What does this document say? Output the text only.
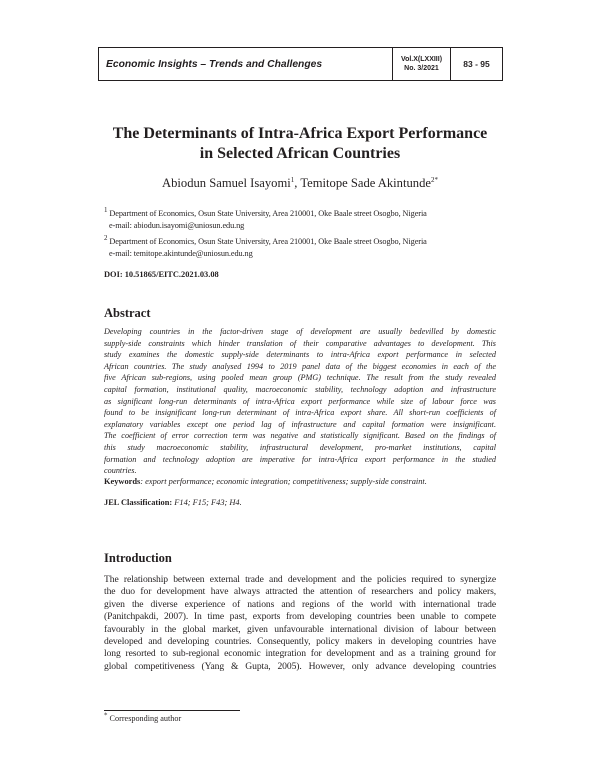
Economic Insights – Trends and Challenges	Vol.X(LXXIII)
No. 3/2021	83 - 95
The Determinants of Intra-Africa Export Performance
in Selected African Countries
Abiodun Samuel Isayomi$^1$, Temitope Sade Akintunde$^{2*}$
$^1$ Department of Economics, Osun State University, Area 210001, Oke Baale street Osogbo, Nigeria
e-mail: abiodun.isayomi@uniosun.edu.ng
$^2$ Department of Economics, Osun State University, Area 210001, Oke Baale street Osogbo, Nigeria
e-mail: temitope.akintunde@uniosun.edu.ng
DOI: 10.51865/EITC.2021.03.08
Abstract
Developing countries in the factor-driven stage of development are usually bedevilled by domestic
supply-side constraints which hinder translation of their comparative advantages to development. This
study examines the domestic supply-side determinants to intra-Africa export performance in selected
African countries. The study analysed 1994 to 2019 panel data of the biggest economies in each of the
five African sub-regions, using pooled mean group (PMG) technique. The result from the study revealed
capital formation, institutional quality, macroeconomic stability, technology adoption and infrastructure
as significant long-run determinants of intra-Africa export performance while size of labour force was
found to be insignificant long-run determinant of intra-Africa export share. All short-run coefficients of
explanatory variables except one period lag of infrastructure and capital formation were insignificant.
The coefficient of error correction term was negative and statistically significant. Based on the findings of
this study macroeconomic stability, infrastructural development, pro-market institutions, capital
formation and technology adoption are imperative for intra-Africa export performance in the studied
countries.
Keywords: export performance; economic integration; competitiveness; supply-side constraint.
JEL Classification: F14; F15; F43; H4.
Introduction
The relationship between external trade and development and the policies required to synergize
the duo for development have always attracted the attention of researchers and policy makers,
given the diverse experience of nations and regions of the world with international trade
(Panitchpakdi, 2007). In time past, exports from developing countries been unable to compete
favourably in the global market, given unfavourable international division of labour between
developed and developing countries. Consequently, policy makers in developing countries have
long resorted to sub-regional economic integration for development and as a training ground for
global competitiveness (Yang & Gupta, 2005). However, only advance developing countries
* Corresponding author
